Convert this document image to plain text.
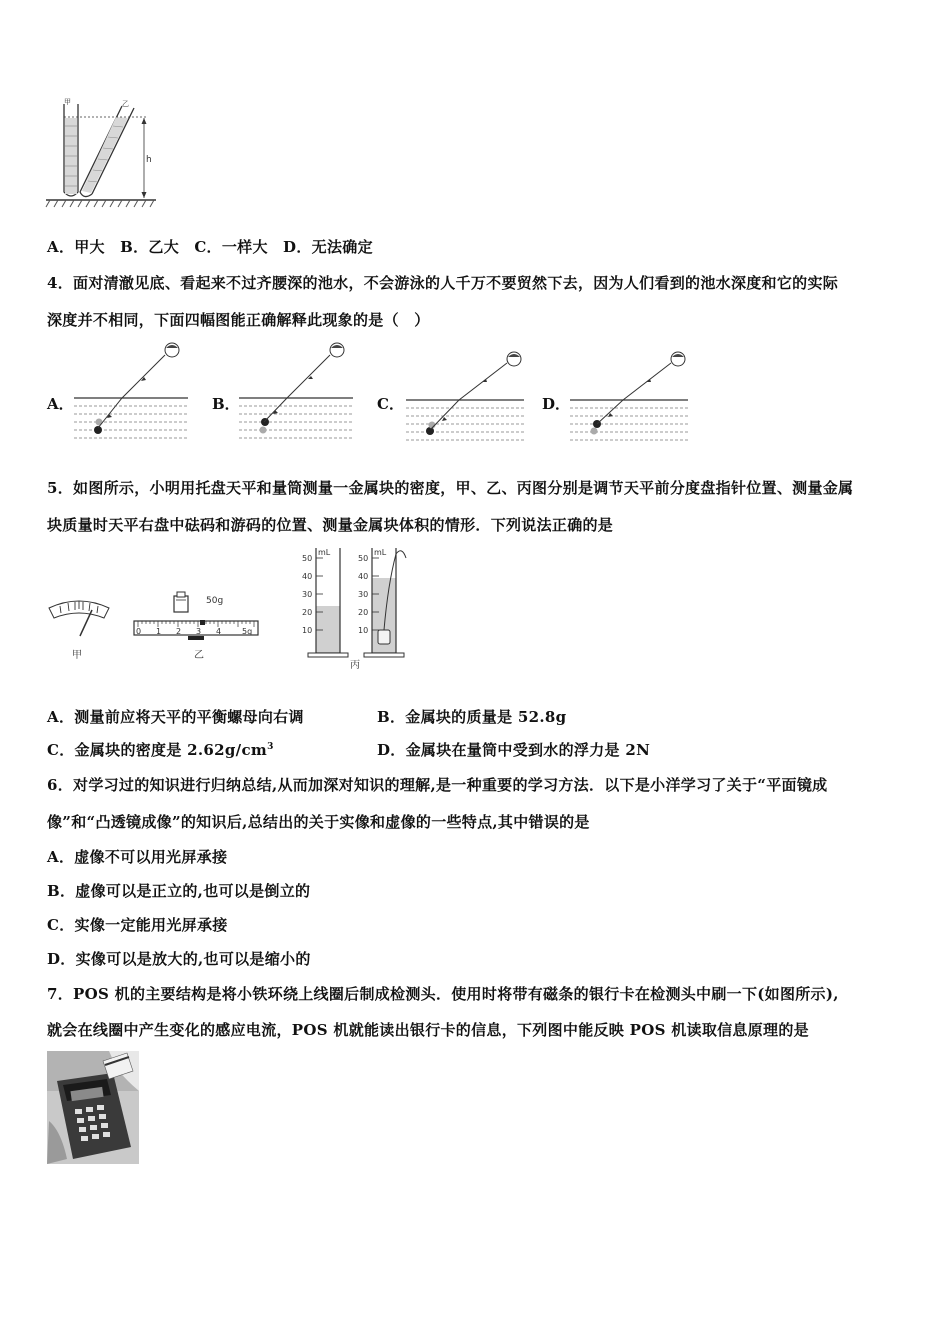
h
甲	乙
A．甲大　B．乙大　C．一样大　D．无法确定
4．面对清澈见底、看起来不过齐腰深的池水，不会游泳的人千万不要贸然下去，因为人们看到的池水深度和它的实际
深度并不相同，下面四幅图能正确解释此现象的是（　）
A．	B．	C．	D．
5．如图所示，小明用托盘天平和量筒测量一金属块的密度，甲、乙、丙图分别是调节天平前分度盘指针位置、测量金属
块质量时天平右盘中砝码和游码的位置、测量金属块体积的情形．下列说法正确的是
甲
50g
0 1 2 3 4	5g
乙
mL
50
40
30
20
10
mL
50
40
30
20
10
丙
A．测量前应将天平的平衡螺母向右调	B．金属块的质量是 52.8g
C．金属块的密度是 $2.62g/cm^3$	D．金属块在量筒中受到水的浮力是 2N
6．对学习过的知识进行归纳总结,从而加深对知识的理解,是一种重要的学习方法．以下是小洋学习了关于“平面镜成
像”和“凸透镜成像”的知识后,总结出的关于实像和虚像的一些特点,其中错误的是
A．虚像不可以用光屏承接
B．虚像可以是正立的,也可以是倒立的
C．实像一定能用光屏承接
D．实像可以是放大的,也可以是缩小的
7．POS 机的主要结构是将小铁环绕上线圈后制成检测头．使用时将带有磁条的银行卡在检测头中刷一下(如图所示),
就会在线圈中产生变化的感应电流，POS 机就能读出银行卡的信息，下列图中能反映 POS 机读取信息原理的是
